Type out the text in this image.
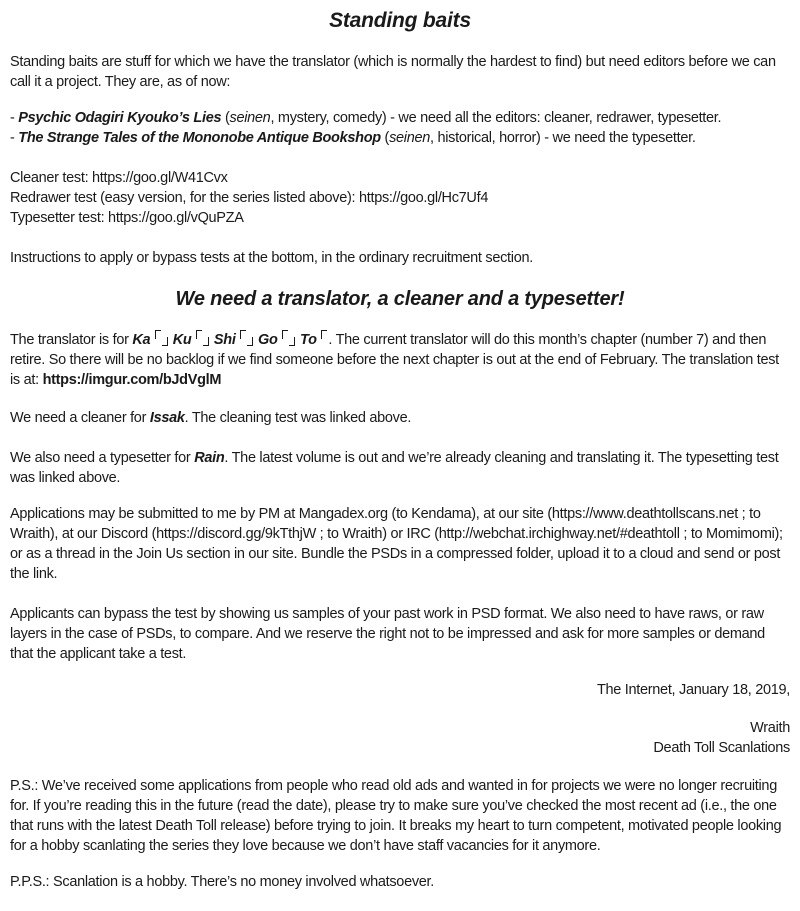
Standing baits

Standing baits are stuff for which we have the translator (which is normally the hardest to find) but need editors before we can call it a project. They are, as of now:

- Psychic Odagiri Kyouko’s Lies (seinen, mystery, comedy) - we need all the editors: cleaner, redrawer, typesetter.
- The Strange Tales of the Mononobe Antique Bookshop (seinen, historical, horror) - we need the typesetter.
Cleaner test: https://goo.gl/W41Cvx
Redrawer test (easy version, for the series listed above): https://goo.gl/Hc7Uf4
Typesetter test: https://goo.gl/vQuPZA

Instructions to apply or bypass tests at the bottom, in the ordinary recruitment section.

We need a translator, a cleaner and a typesetter!

The translator is for Ka  Ku  Shi  Go  To . The current translator will do this month’s chapter (number 7) and then retire. So there will be no backlog if we find someone before the next chapter is out at the end of February. The translation test is at: https://imgur.com/bJdVglM

We need a cleaner for Issak. The cleaning test was linked above.

We also need a typesetter for Rain. The latest volume is out and we’re already cleaning and translating it. The typesetting test was linked above.

Applications may be submitted to me by PM at Mangadex.org (to Kendama), at our site (https://www.deathtollscans.net ; to Wraith), at our Discord (https://discord.gg/9kTthjW ; to Wraith) or IRC (http://webchat.irchighway.net/#deathtoll ; to Momimomi); or as a thread in the Join Us section in our site. Bundle the PSDs in a compressed folder, upload it to a cloud and send or post the link.

Applicants can bypass the test by showing us samples of your past work in PSD format. We also need to have raws, or raw layers in the case of PSDs, to compare. And we reserve the right not to be impressed and ask for more samples or demand that the applicant take a test.

The Internet, January 18, 2019,

Wraith
Death Toll Scanlations

P.S.: We’ve received some applications from people who read old ads and wanted in for projects we were no longer recruiting for. If you’re reading this in the future (read the date), please try to make sure you’ve checked the most recent ad (i.e., the one that runs with the latest Death Toll release) before trying to join. It breaks my heart to turn competent, motivated people looking for a hobby scanlating the series they love because we don’t have staff vacancies for it anymore.

P.P.S.: Scanlation is a hobby. There’s no money involved whatsoever.
